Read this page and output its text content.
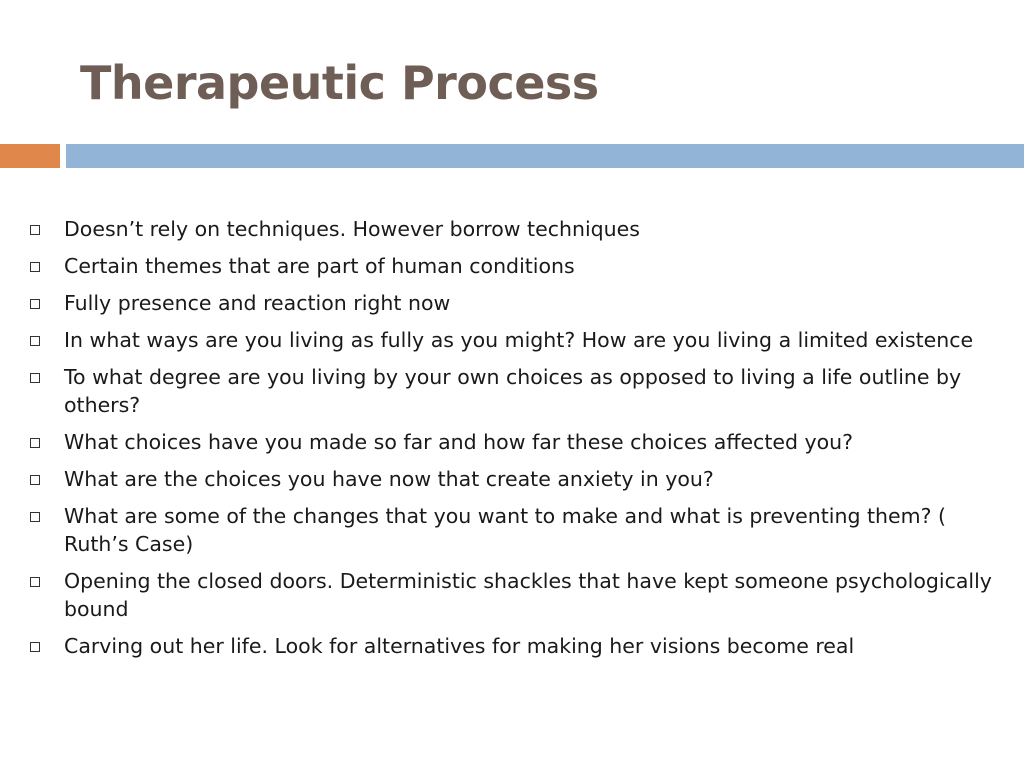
Therapeutic Process
Doesn’t rely on techniques. However borrow techniques
Certain themes that are part of human conditions
Fully presence and reaction right now
In what ways are you living as fully as you might? How are you living a limited existence
To what degree are you living by your own choices as opposed to living a life outline by others?
What choices have you made so far and how far these choices affected you?
What are the choices you have now that create anxiety in you?
What are some of the changes that you want to make and what is preventing them? ( Ruth’s Case)
Opening the closed doors. Deterministic shackles that have kept someone psychologically bound
Carving out her life. Look for alternatives for making her visions become real
